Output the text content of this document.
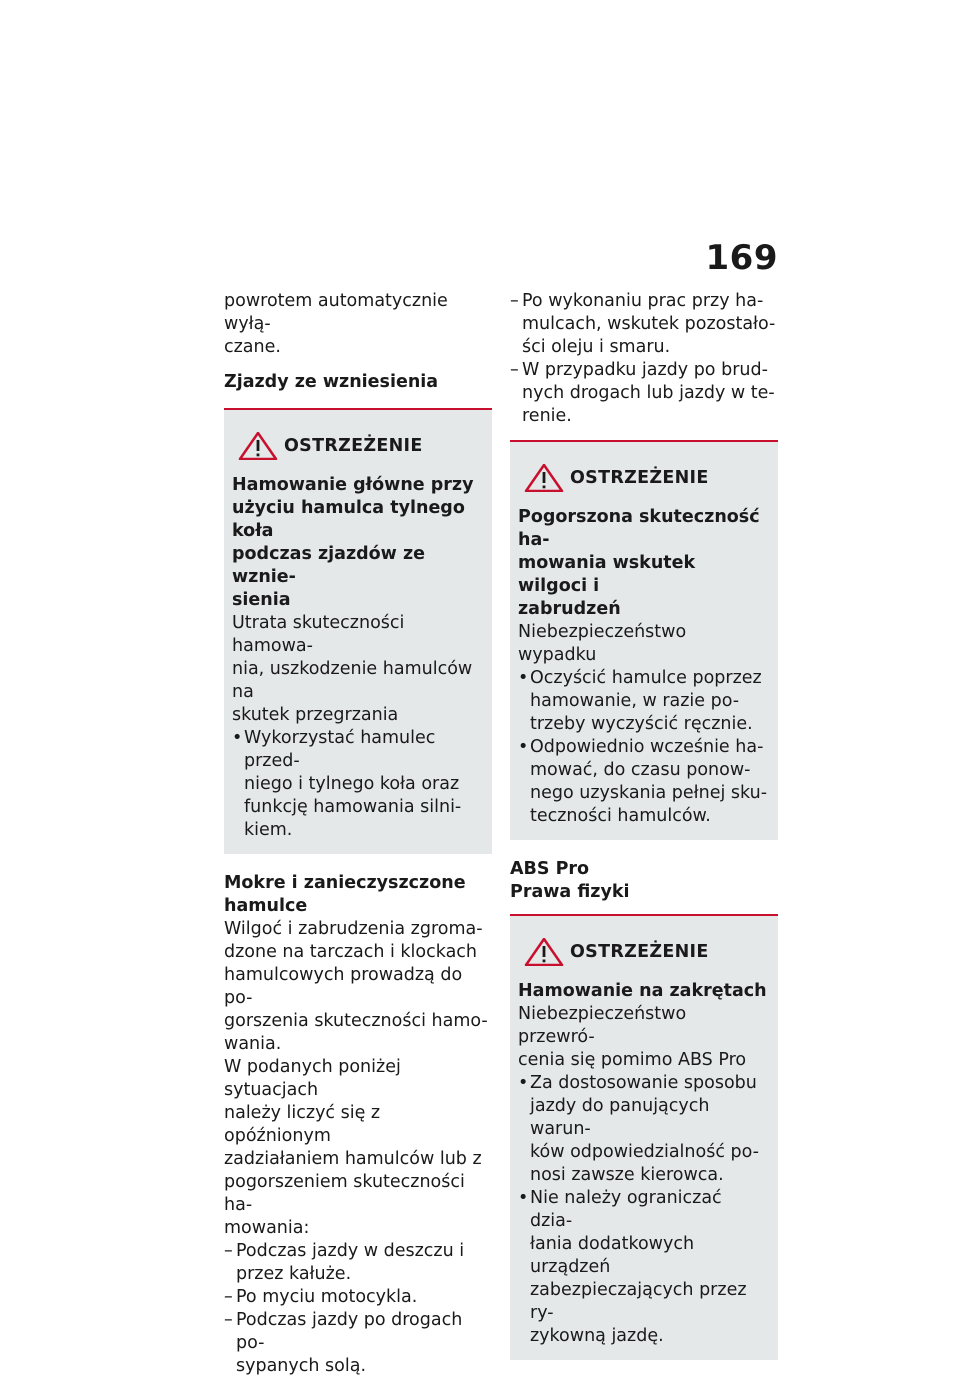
169

powrotem automatycznie wyłą-
czane.

Zjazdy ze wzniesienia
OSTRZEŻENIE

Hamowanie główne przy
użyciu hamulca tylnego koła
podczas zjazdów ze wznie-
sienia

Utrata skuteczności hamowa-
nia, uszkodzenie hamulców na
skutek przegrzania

• Wykorzystać hamulec przed-
niego i tylnego koła oraz
funkcję hamowania silni-
kiem.
Mokre i zanieczyszczone
hamulce

Wilgoć i zabrudzenia zgroma-
dzone na tarczach i klockach
hamulcowych prowadzą do po-
gorszenia skuteczności hamo-
wania.

W podanych poniżej sytuacjach
należy liczyć się z opóźnionym
zadziałaniem hamulców lub z
pogorszeniem skuteczności ha-
mowania:

– Podczas jazdy w deszczu i
przez kałuże.
– Po myciu motocykla.
– Podczas jazdy po drogach po-
sypanych solą.
– Po wykonaniu prac przy ha-
mulcach, wskutek pozostało-
ści oleju i smaru.
– W przypadku jazdy po brud-
nych drogach lub jazdy w te-
renie.
OSTRZEŻENIE

Pogorszona skuteczność ha-
mowania wskutek wilgoci i
zabrudzeń

Niebezpieczeństwo wypadku

• Oczyścić hamulce poprzez
hamowanie, w razie po-
trzeby wyczyścić ręcznie.
• Odpowiednio wcześnie ha-
mować, do czasu ponow-
nego uzyskania pełnej sku-
teczności hamulców.
ABS Pro
Prawa fizyki
OSTRZEŻENIE

Hamowanie na zakrętach

Niebezpieczeństwo przewró-
cenia się pomimo ABS Pro

• Za dostosowanie sposobu
jazdy do panujących warun-
ków odpowiedzialność po-
nosi zawsze kierowca.
• Nie należy ograniczać dzia-
łania dodatkowych urządzeń
zabezpieczających przez ry-
zykowną jazdę.
